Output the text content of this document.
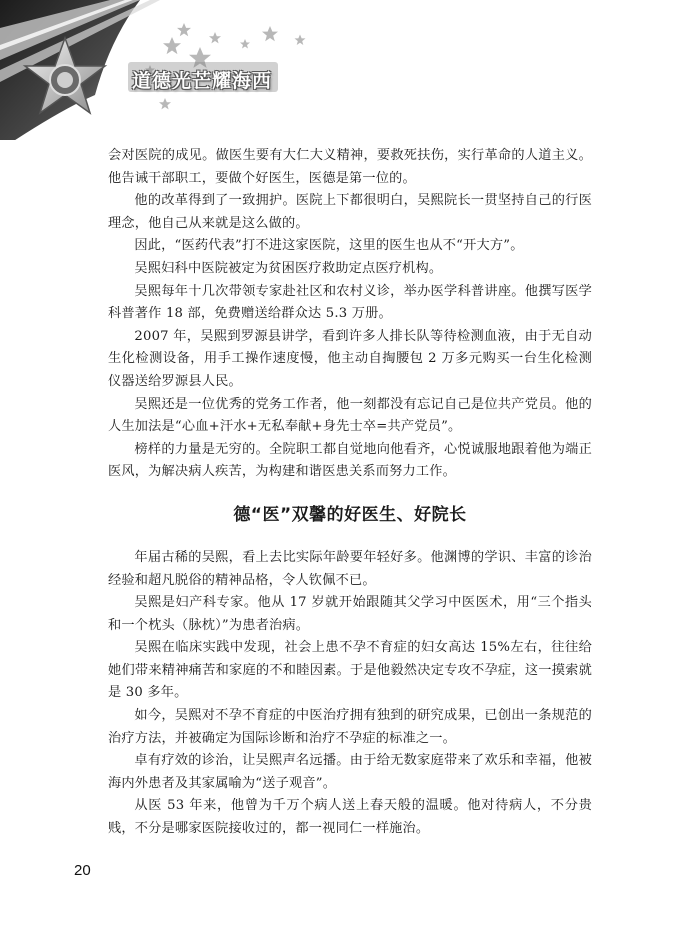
道德光芒耀海西

会对医院的成见。做医生要有大仁大义精神，要救死扶伤，实行革命的人道主义。他告诫干部职工，要做个好医生，医德是第一位的。

他的改革得到了一致拥护。医院上下都很明白，吴熙院长一贯坚持自己的行医理念，他自己从来就是这么做的。

因此，“医药代表”打不进这家医院，这里的医生也从不“开大方”。

吴熙妇科中医院被定为贫困医疗救助定点医疗机构。

吴熙每年十几次带领专家赴社区和农村义诊，举办医学科普讲座。他撰写医学科普著作 18 部，免费赠送给群众达 5.3 万册。

2007 年，吴熙到罗源县讲学，看到许多人排长队等待检测血液，由于无自动生化检测设备，用手工操作速度慢，他主动自掏腰包 2 万多元购买一台生化检测仪器送给罗源县人民。

吴熙还是一位优秀的党务工作者，他一刻都没有忘记自己是位共产党员。他的人生加法是“心血+汗水+无私奉献+身先士卒=共产党员”。

榜样的力量是无穷的。全院职工都自觉地向他看齐，心悦诚服地跟着他为端正医风，为解决病人疾苦，为构建和谐医患关系而努力工作。

德“医”双馨的好医生、好院长

年届古稀的吴熙，看上去比实际年龄要年轻好多。他渊博的学识、丰富的诊治经验和超凡脱俗的精神品格，令人钦佩不已。

吴熙是妇产科专家。他从 17 岁就开始跟随其父学习中医医术，用“三个指头和一个枕头（脉枕）”为患者治病。

吴熙在临床实践中发现，社会上患不孕不育症的妇女高达 15%左右，往往给她们带来精神痛苦和家庭的不和睦因素。于是他毅然决定专攻不孕症，这一摸索就是 30 多年。

如今，吴熙对不孕不育症的中医治疗拥有独到的研究成果，已创出一条规范的治疗方法，并被确定为国际诊断和治疗不孕症的标准之一。

卓有疗效的诊治，让吴熙声名远播。由于给无数家庭带来了欢乐和幸福，他被海内外患者及其家属喻为“送子观音”。

从医 53 年来，他曾为千万个病人送上春天般的温暖。他对待病人，不分贵贱，不分是哪家医院接收过的，都一视同仁一样施治。

20
